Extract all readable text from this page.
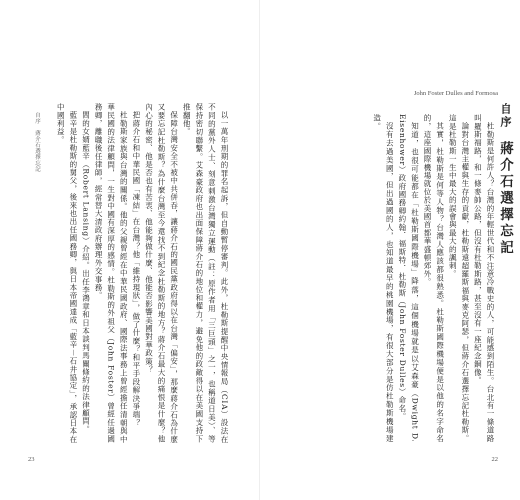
自序　蔣介石選擇忘記	以一萬年刑期的罪名起訴，但自動暫停審判。此外，杜勒斯提醒中央情報局（CIA）設法在不同的黨外人士、刻意刺激台灣獨立運動（註：原作者用「三巨頭」之一，也稱道日美）、等保持密切聯繫。艾森豪政府也出面保障蔣介石的地位和權力，避免他的政敵得以在美國支持下推翻他。

保障台灣安全不被中共併吞，讓蔣介石的國民黨政府得以在台灣「偏安」，那麼蔣介石為什麼又要忘記杜勒斯？為什麼台灣至今還找不到紀念杜勒斯的地方？蔣介石最大的痛恨是什麼？他內心的秘密、他是否也有苦衷、他能夠做什麼、他能否影響美國對華政策？

把蔣介石和中華民國「凍結」在台灣？他「維持現狀」，做了什麼？和平手段解決爭端？

杜勒斯家族與台灣的關係。他的父親曾經在中華民國政府、國際法事務上曾經擔任清朝與中華民國的法律顧問，一生對中國有深厚的感情。杜勒斯的外祖父（John Foster）曾經任過國務卿，離職後任律師，經常替大清政府辦理外交事務。

間的女婿藍辛（Robert Lansing）介紹。出任李鴻章和日本談判馬關條約的法律顧問。

藍辛是杜勒斯的舅父，後來也出任國務卿，與日本帝國達成「藍辛－石井協定」，承認日本在中國利益。

23
John Foster Dulles and Formosa
自序 蔣介石選擇忘記

杜勒斯是何許人？台灣的年輕世代和不注意冷戰史的人，可能感到陌生。台北有一條道路叫羅斯福路，和一條麥帥公路，但沒有杜勒斯路，甚至沒有一座紀念銅像。

論對台灣主權與生存的貢獻，杜勒斯遠超羅斯福與麥克阿瑟，但蔣介石選擇忘記杜勒斯。這是杜勒斯一生中最大的誤會與最大的諷刺。

其實，杜勒斯是何等人物？台灣人應該都很熟悉。杜勒斯國際機場便是以他的名字命名的，這座國際機場就位於美國首都華盛頓郊外。

知道，也很可能都在「杜勒斯國際機場」降落，這個機場就是以艾森豪（Dwight D. Eisenhower）政府國務卿約翰．福斯特．杜勒斯（John Foster Dulles）命名。

沒有去過美國，但出過國的人，也知道最早的桃園機場，有很大部分是仿杜勒斯機場建造。

22
